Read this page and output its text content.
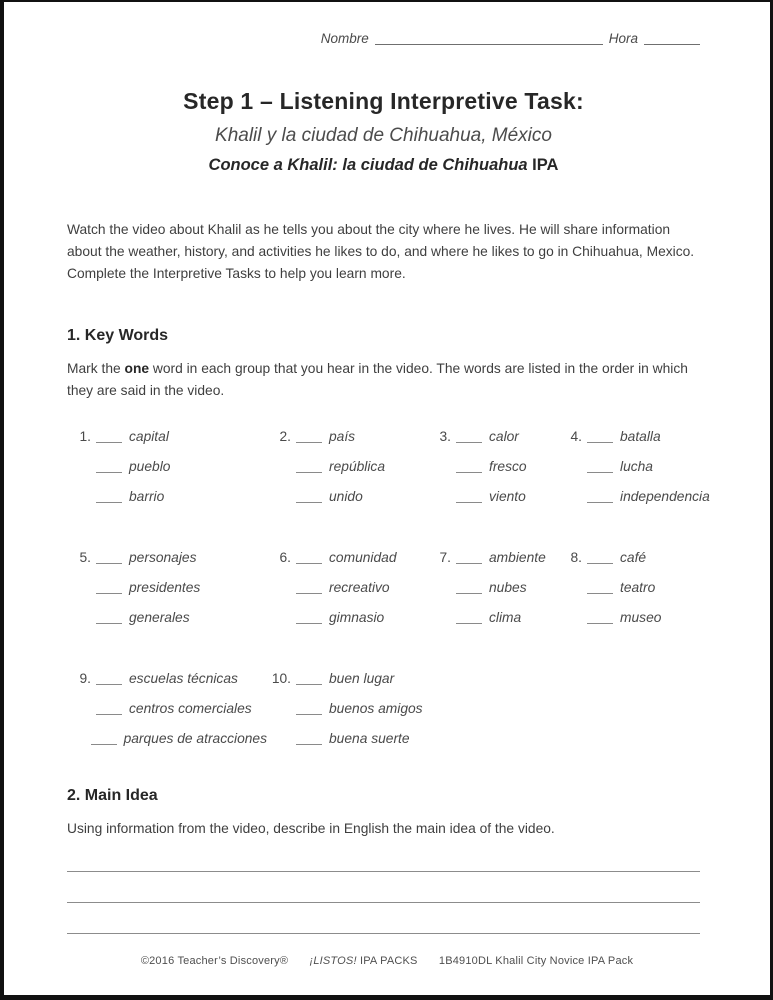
Nombre	Hora
Step 1 – Listening Interpretive Task:
Khalil y la ciudad de Chihuahua, México
Conoce a Khalil: la ciudad de Chihuahua IPA

Watch the video about Khalil as he tells you about the city where he lives. He will share information about the weather, history, and activities he likes to do, and where he likes to go in Chihuahua, Mexico. Complete the Interpretive Tasks to help you learn more.

1. Key Words

Mark the one word in each group that you hear in the video. The words are listed in the order in which they are said in the video.

1.	capital
pueblo
barrio
2.	país
república
unido
3.	calor
fresco
viento
4.	batalla
lucha
independencia
5.	personajes
presidentes
generales
6.	comunidad
recreativo
gimnasio
7.	ambiente
nubes
clima
8.	café
teatro
museo
9.	escuelas técnicas
centros comerciales
parques de atracciones
10.	buen lugar
buenos amigos
buena suerte
2. Main Idea

Using information from the video, describe in English the main idea of the video.

©2016 Teacher’s Discovery® ¡LISTOS! IPA PACKS 1B4910DL Khalil City Novice IPA Pack
